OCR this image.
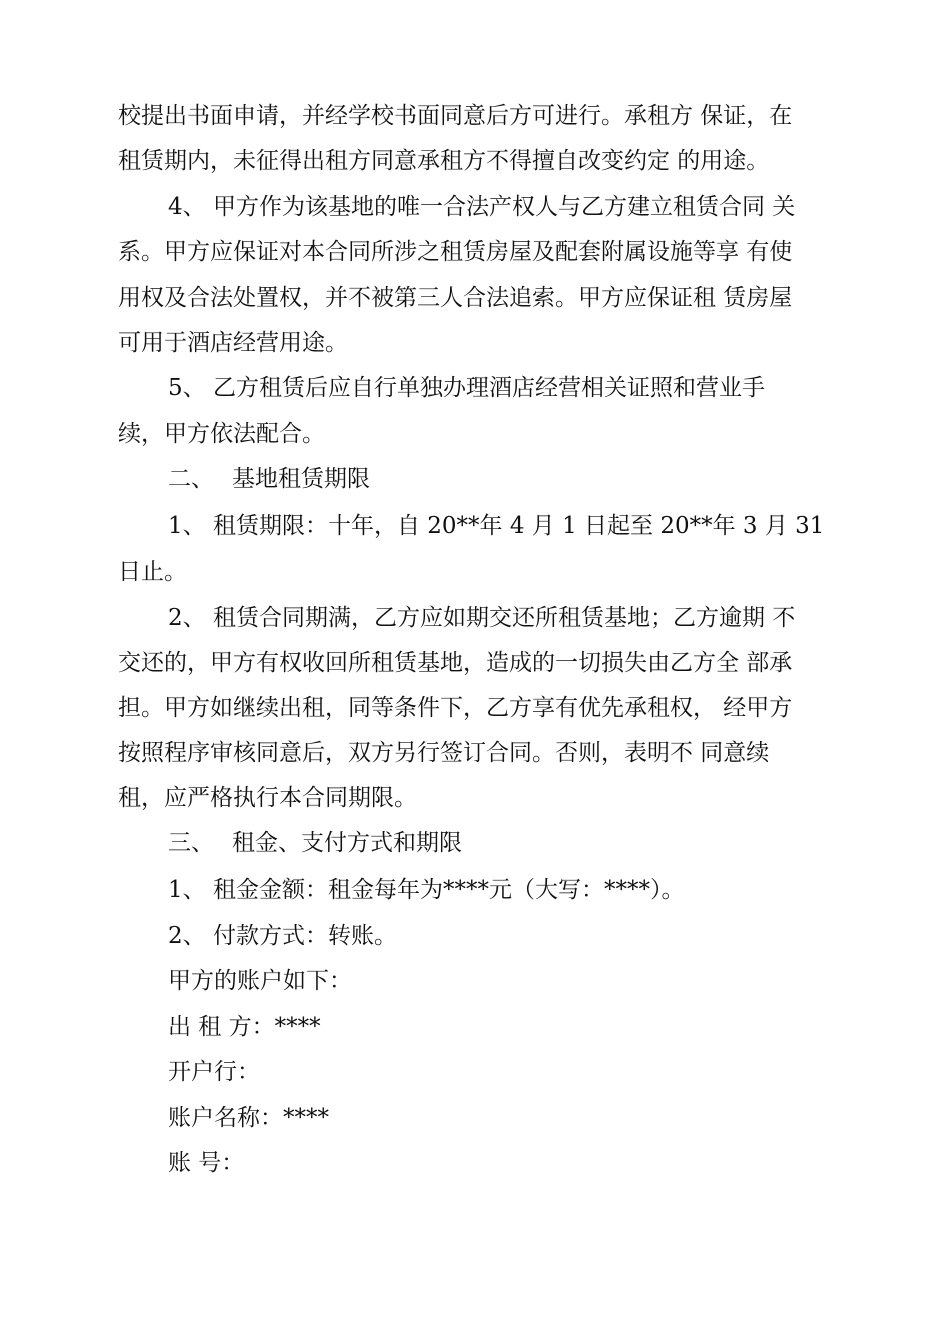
校提出书面申请，并经学校书面同意后方可进行。承租方 保证，在
租赁期内，未征得出租方同意承租方不得擅自改变约定 的用途。
4、 甲方作为该基地的唯一合法产权人与乙方建立租赁合同 关
系。甲方应保证对本合同所涉之租赁房屋及配套附属设施等享 有使
用权及合法处置权，并不被第三人合法追索。甲方应保证租 赁房屋
可用于酒店经营用途。
5、 乙方租赁后应自行单独办理酒店经营相关证照和营业手
续，甲方依法配合。
二、 基地租赁期限
1、 租赁期限：十年，自 20**年 4 月 1 日起至 20**年 3 月 31
日止。
2、 租赁合同期满，乙方应如期交还所租赁基地；乙方逾期 不
交还的，甲方有权收回所租赁基地，造成的一切损失由乙方全 部承
担。甲方如继续出租，同等条件下，乙方享有优先承租权， 经甲方
按照程序审核同意后，双方另行签订合同。否则，表明不 同意续
租，应严格执行本合同期限。
三、 租金、支付方式和期限
1、 租金金额：租金每年为****元（大写：****）。
2、 付款方式：转账。
甲方的账户如下：
出 租 方：****
开户行：
账户名称：****
账 号：
